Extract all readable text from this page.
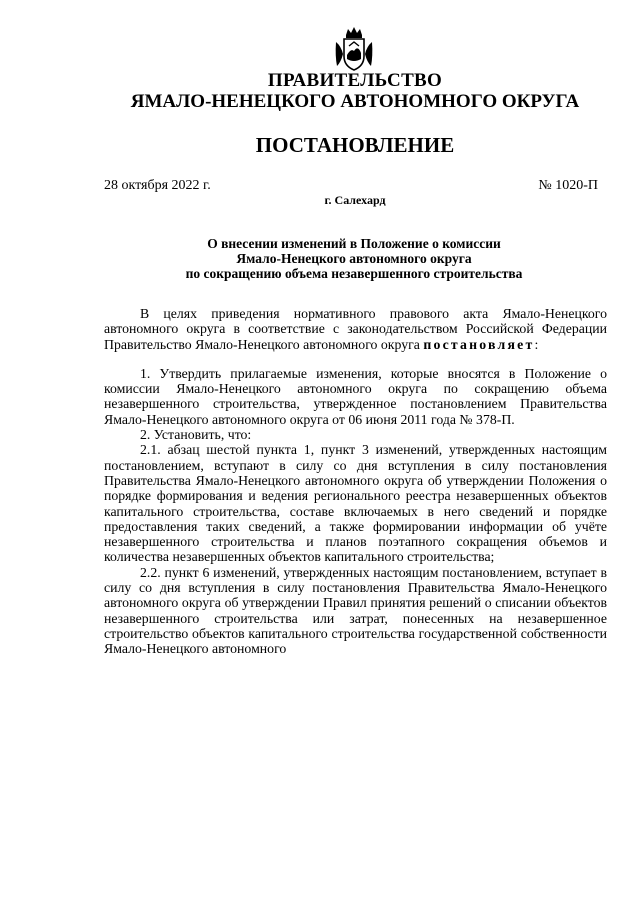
ПРАВИТЕЛЬСТВО
ЯМАЛО-НЕНЕЦКОГО АВТОНОМНОГО ОКРУГА
ПОСТАНОВЛЕНИЕ
28 октября 2022 г.	№ 1020-П
г. Салехард
О внесении изменений в Положение о комиссии
Ямало-Ненецкого автономного округа
по сокращению объема незавершенного строительства

В целях приведения нормативного правового акта Ямало-Ненецкого автономного округа в соответствие с законодательством Российской Федерации Правительство Ямало-Ненецкого автономного округа постановляет:

1. Утвердить прилагаемые изменения, которые вносятся в Положение о комиссии Ямало-Ненецкого автономного округа по сокращению объема незавершенного строительства, утвержденное постановлением Правительства Ямало-Ненецкого автономного округа от 06 июня 2011 года № 378-П.

2. Установить, что:

2.1. абзац шестой пункта 1, пункт 3 изменений, утвержденных настоящим постановлением, вступают в силу со дня вступления в силу постановления Правительства Ямало-Ненецкого автономного округа об утверждении Положения о порядке формирования и ведения регионального реестра незавершенных объектов капитального строительства, составе включаемых в него сведений и порядке предоставления таких сведений, а также формировании информации об учёте незавершенного строительства и планов поэтапного сокращения объемов и количества незавершенных объектов капитального строительства;

2.2. пункт 6 изменений, утвержденных настоящим постановлением, вступает в силу со дня вступления в силу постановления Правительства Ямало-Ненецкого автономного округа об утверждении Правил принятия решений о списании объектов незавершенного строительства или затрат, понесенных на незавершенное строительство объектов капитального строительства государственной собственности Ямало-Ненецкого автономного
